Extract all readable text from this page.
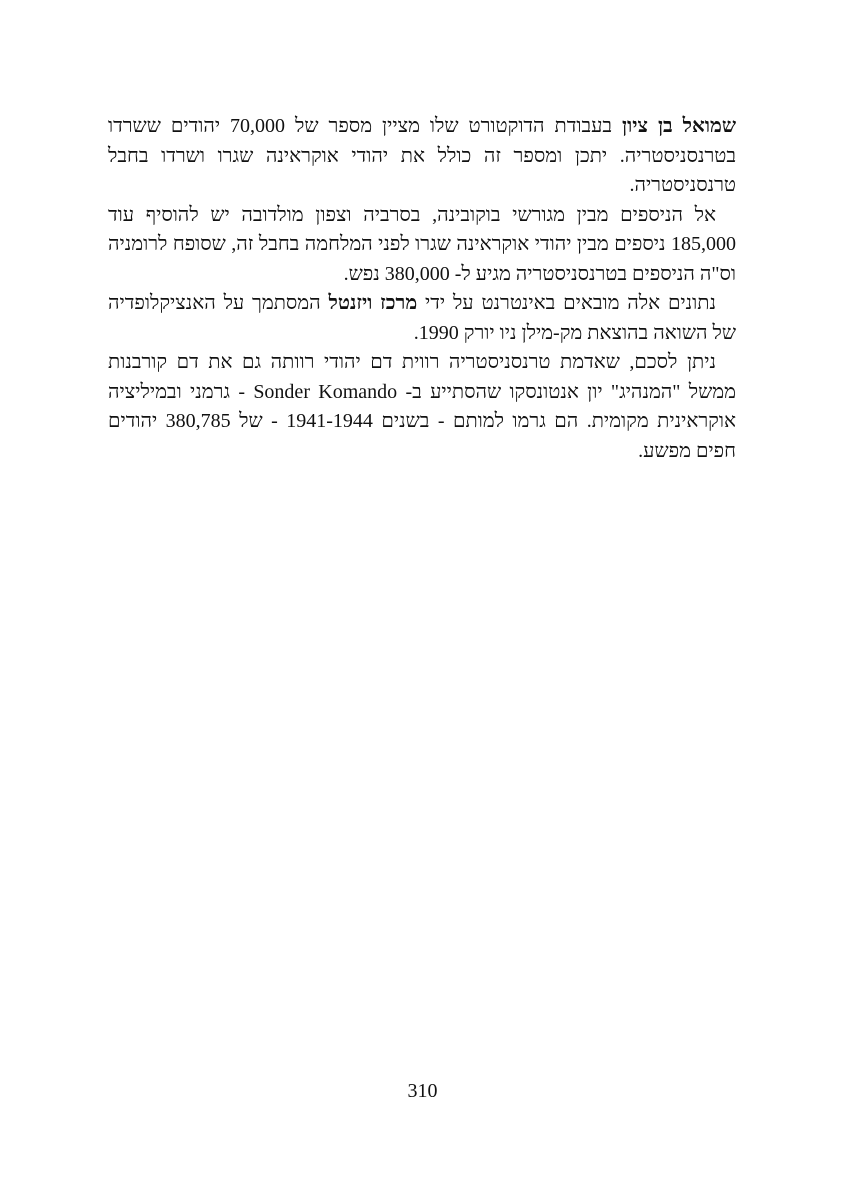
שמואל בן ציון בעבודת הדוקטורט שלו מציין מספר של 70,000 יהודים ששרדו בטרנסניסטריה. יתכן ומספר זה כולל את יהודי אוקראינה שגרו ושרדו בחבל טרנסניסטריה.

אל הניספים מבין מגורשי בוקובינה, בסרביה וצפון מולדובה יש להוסיף עוד 185,000 ניספים מבין יהודי אוקראינה שגרו לפני המלחמה בחבל זה, שסופח לרומניה וס"ה הניספים בטרנסניסטריה מגיע ל- 380,000 נפש.

נתונים אלה מובאים באינטרנט על ידי מרכז ויזנטל המסתמך על האנציקלופדיה של השואה בהוצאת מק-מילן ניו יורק 1990.

ניתן לסכם, שאדמת טרנסניסטריה רווית דם יהודי רוותה גם את דם קורבנות ממשל "המנהיג" יון אנטונסקו שהסתייע ב- Sonder Komando - גרמני ובמיליציה אוקראינית מקומית. הם גרמו למותם - בשנים 1941-1944 - של 380,785 יהודים חפים מפשע.

310
